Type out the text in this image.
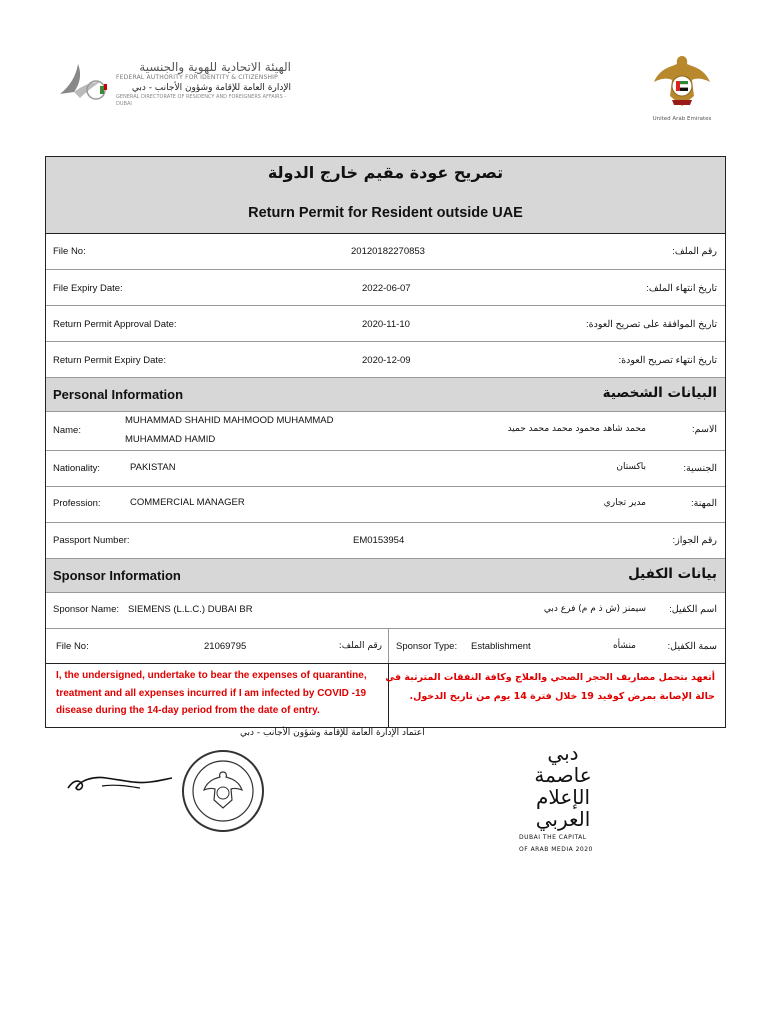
الهيئة الاتحادية للهوية والجنسية
FEDERAL AUTHORITY FOR IDENTITY & CITIZENSHIP
الإدارة العامة للإقامة وشؤون الأجانب - دبي
GENERAL DIRECTORATE OF RESIDENCY AND FOREIGNERS AFFAIRS - DUBAI
United Arab Emirates
تصريح عودة مقيم خارج الدولة
Return Permit for Resident outside UAE
File No:	20120182270853	رقم الملف:
File Expiry Date:	2022-06-07	تاريخ انتهاء الملف:
Return Permit Approval Date:	2020-11-10	تاريخ الموافقة على تصريح العودة:
Return Permit Expiry Date:	2020-12-09	تاريخ انتهاء تصريح العودة:
Personal Information	البيانات الشخصية
Name:
MUHAMMAD SHAHID MAHMOOD MUHAMMAD
MUHAMMAD HAMID
محمد شاهد محمود محمد محمد حميد	الاسم:
Nationality:	PAKISTAN	باكستان	الجنسية:
Profession:	COMMERCIAL MANAGER	مدير تجاري	المهنة:
Passport Number:	EM0153954	رقم الجواز:
Sponsor Information	بيانات الكفيل
Sponsor Name: SIEMENS (L.L.C.) DUBAI BR	سيمنز (ش ذ م م) فرع دبي اسم الكفيل:
File No:	21069795	رقم الملف: Sponsor Type: Establishment	منشأه	سمة الكفيل:
I, the undersigned, undertake to bear the expenses of quarantine, treatment and all expenses incurred if I am infected by COVID -19 disease during the 14-day period from the date of entry.
أتعهد بتحمل مصاريف الحجر الصحي والعلاج وكافة النفقات المترتبة في حالة الإصابة بمرض كوفيد 19 خلال فترة 14 يوم من تاريخ الدخول.
اعتماد الإدارة العامة للإقامة وشؤون الأجانب - دبي
دبي
عاصمة
الإعلام
العربي
DUBAI THE CAPITAL
OF ARAB MEDIA 2020
